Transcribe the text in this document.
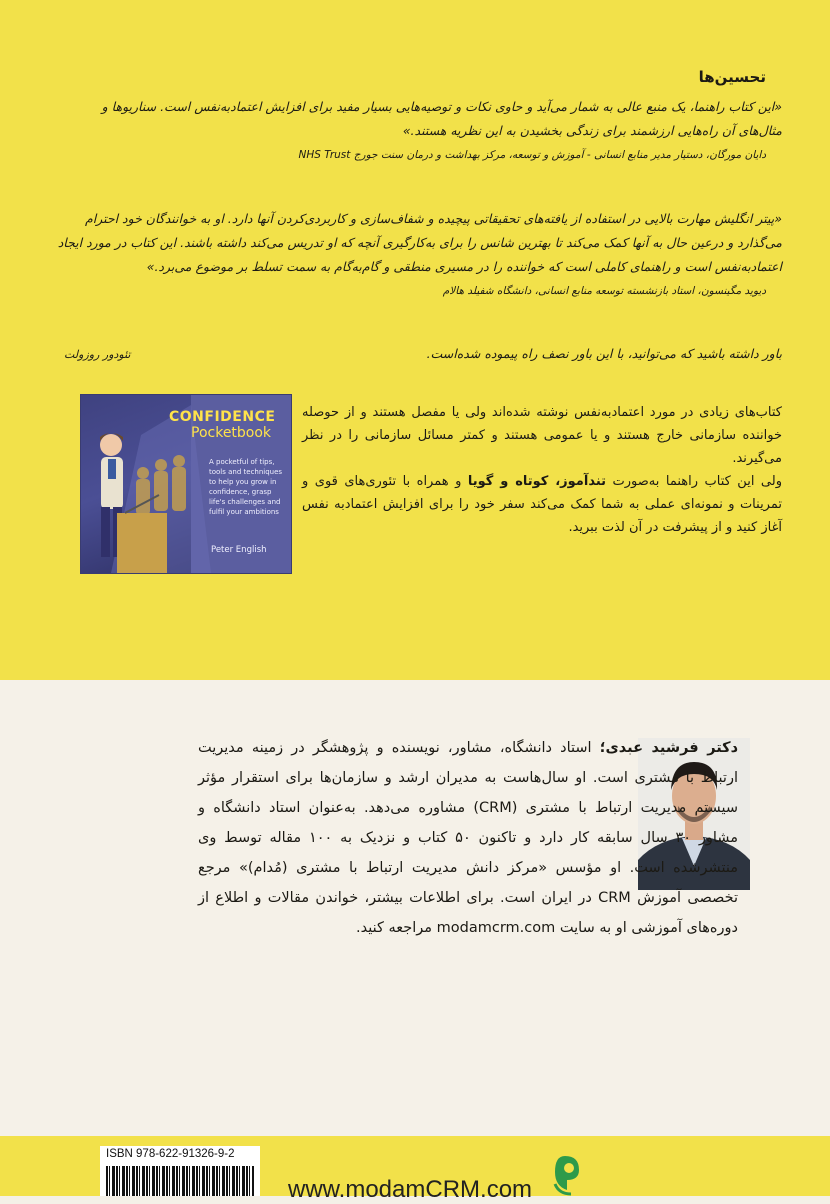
تحسین‌ها
«این کتاب راهنما، یک منبع عالی به شمار می‌آید و حاوی نکات و توصیه‌هایی بسیار مفید برای افزایش اعتماد‌به‌نفس است. سناریوها و مثال‌های آن راه‌هایی ارزشمند برای زندگی بخشیدن به این نظریه هستند.»
دایان مورگان، دستیار مدیر منابع انسانی - آموزش و توسعه، مرکز بهداشت و درمان سنت جورج NHS Trust
«پیتر انگلیش مهارت بالایی در استفاده از یافته‌های تحقیقاتی پیچیده و شفاف‌سازی و کاربردی‌کردن آنها دارد. او به خوانندگان خود احترام می‌گذارد و درعین حال به آنها کمک می‌کند تا بهترین شانس را برای به‌کارگیری آنچه که او تدریس می‌کند داشته باشند. این کتاب در مورد ایجاد اعتماد‌به‌نفس است و راهنمای کاملی است که خواننده را در مسیری منطقی و گام‌به‌گام به سمت تسلط بر موضوع می‌برد.»
دیوید مگینسون، استاد بازنشسته توسعه منابع انسانی، دانشگاه شفیلد هالام
باور داشته باشید که می‌توانید، با این باور نصف راه پیموده شده‌است.
تئودور روزولت
CONFIDENCE
Pocketbook
A pocketful of tips, tools and techniques to help you grow in confidence, grasp life's challenges and fulfil your ambitions
Peter English

کتاب‌های زیادی در مورد اعتماد‌به‌نفس نوشته شده‌اند ولی یا مفصل هستند و از حوصله خواننده سازمانی خارج هستند و یا عمومی هستند و کمتر مسائل سازمانی را در نظر می‌گیرند.

ولی این کتاب راهنما به‌صورت تندآموز، کوتاه و گویا و همراه با تئوری‌های قوی و تمرینات و نمونه‌ای عملی به شما کمک می‌کند سفر خود را برای افزایش اعتماد‌به نفس آغاز کنید و از پیشرفت در آن لذت ببرید.

دکتر فرشید عبدی؛ استاد دانشگاه، مشاور، نویسنده و پژوهشگر در زمینه مدیریت ارتباط با مشتری است. او سال‌هاست به مدیران ارشد و سازمان‌ها برای استقرار مؤثر سیستم مدیریت ارتباط با مشتری (CRM) مشاوره می‌دهد. به‌عنوان استاد دانشگاه و مشاور ۳۰ سال سابقه کار دارد و تاکنون ۵۰ کتاب و نزدیک به ۱۰۰ مقاله توسط وی منتشرشده است. او مؤسس «مرکز دانش مدیریت ارتباط با مشتری (مُدام)» مرجع تخصصی آموزش CRM در ایران است. برای اطلاعات بیشتر، خواندن مقالات و اطلاع از دوره‌های آموزشی او به سایت modamcrm.com مراجعه کنید.
ISBN 978-622-91326-9-2
www.modamCRM.com
